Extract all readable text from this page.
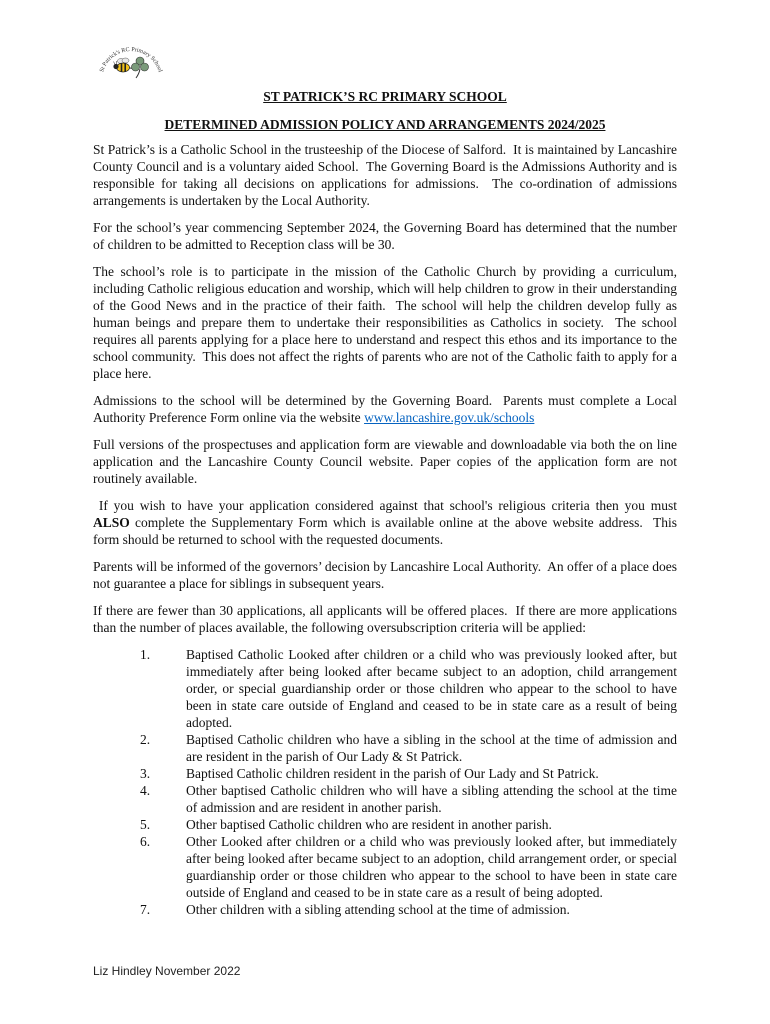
St Patrick's RC Primary School
ST PATRICK’S RC PRIMARY SCHOOL
DETERMINED ADMISSION POLICY AND ARRANGEMENTS 2024/2025

St Patrick’s is a Catholic School in the trusteeship of the Diocese of Salford.  It is maintained by Lancashire County Council and is a voluntary aided School.  The Governing Board is the Admissions Authority and is responsible for taking all decisions on applications for admissions.  The co-ordination of admissions arrangements is undertaken by the Local Authority.

For the school’s year commencing September 2024, the Governing Board has determined that the number of children to be admitted to Reception class will be 30.

The school’s role is to participate in the mission of the Catholic Church by providing a curriculum, including Catholic religious education and worship, which will help children to grow in their understanding of the Good News and in the practice of their faith.  The school will help the children develop fully as human beings and prepare them to undertake their responsibilities as Catholics in society.  The school requires all parents applying for a place here to understand and respect this ethos and its importance to the school community.  This does not affect the rights of parents who are not of the Catholic faith to apply for a place here.

Admissions to the school will be determined by the Governing Board.  Parents must complete a Local Authority Preference Form online via the website www.lancashire.gov.uk/schools

Full versions of the prospectuses and application form are viewable and downloadable via both the on line application and the Lancashire County Council website. Paper copies of the application form are not routinely available.

If you wish to have your application considered against that school's religious criteria then you must ALSO complete the Supplementary Form which is available online at the above website address.  This form should be returned to school with the requested documents.

Parents will be informed of the governors’ decision by Lancashire Local Authority.  An offer of a place does not guarantee a place for siblings in subsequent years.

If there are fewer than 30 applications, all applicants will be offered places.  If there are more applications than the number of places available, the following oversubscription criteria will be applied:

1.	Baptised Catholic Looked after children or a child who was previously looked after, but immediately after being looked after became subject to an adoption, child arrangement order, or special guardianship order or those children who appear to the school to have been in state care outside of England and ceased to be in state care as a result of being adopted.
2.	Baptised Catholic children who have a sibling in the school at the time of admission and are resident in the parish of Our Lady & St Patrick.
3.	Baptised Catholic children resident in the parish of Our Lady and St Patrick.
4.	Other baptised Catholic children who will have a sibling attending the school at the time of admission and are resident in another parish.
5.	Other baptised Catholic children who are resident in another parish.
6.	Other Looked after children or a child who was previously looked after, but immediately after being looked after became subject to an adoption, child arrangement order, or special guardianship order or those children who appear to the school to have been in state care outside of England and ceased to be in state care as a result of being adopted.
7.	Other children with a sibling attending school at the time of admission.
Liz Hindley November 2022
